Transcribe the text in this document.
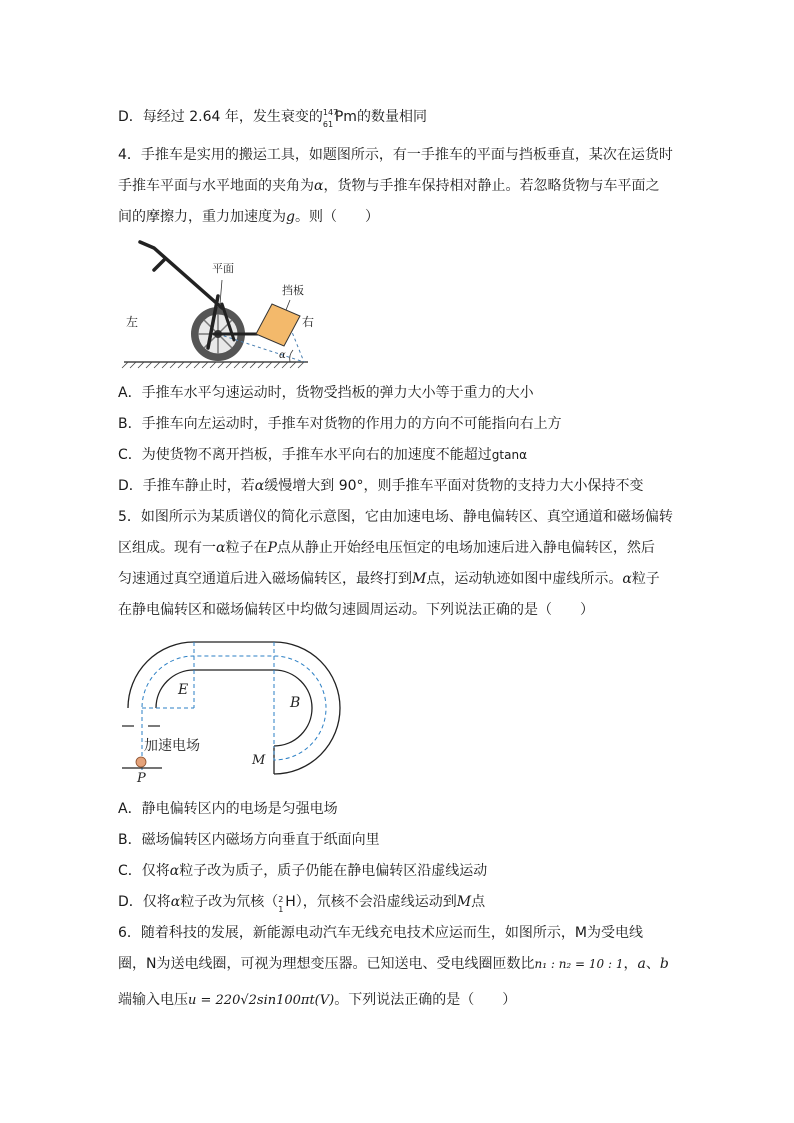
D．每经过 2.64 年，发生衰变的 147
61 Pm的数量相同
4．手推车是实用的搬运工具，如题图所示，有一手推车的平面与挡板垂直，某次在运货时
手推车平面与水平地面的夹角为α，货物与手推车保持相对静止。若忽略货物与车平面之
间的摩擦力，重力加速度为g。则（　　）
平面
挡板
左	右
α
A．手推车水平匀速运动时，货物受挡板的弹力大小等于重力的大小
B．手推车向左运动时，手推车对货物的作用力的方向不可能指向右上方
C．为使货物不离开挡板，手推车水平向右的加速度不能超过gtanα
D．手推车静止时，若α缓慢增大到 90°，则手推车平面对货物的支持力大小保持不变
5．如图所示为某质谱仪的简化示意图，它由加速电场、静电偏转区、真空通道和磁场偏转
区组成。现有一α粒子在P点从静止开始经电压恒定的电场加速后进入静电偏转区，然后
匀速通过真空通道后进入磁场偏转区，最终打到M点，运动轨迹如图中虚线所示。α粒子
在静电偏转区和磁场偏转区中均做匀速圆周运动。下列说法正确的是（　　）
E
B
M
P
加速电场
A．静电偏转区内的电场是匀强电场
B．磁场偏转区内磁场方向垂直于纸面向里
C．仅将α粒子改为质子，质子仍能在静电偏转区沿虚线运动
D．仅将α粒子改为氘核（ 2
1 H），氘核不会沿虚线运动到M点
6．随着科技的发展，新能源电动汽车无线充电技术应运而生，如图所示，M为受电线
圈，N为送电线圈，可视为理想变压器。已知送电、受电线圈匝数比n₁ : n₂ = 10 : 1，a、b
端输入电压u = 220√2sin100πt(V)。下列说法正确的是（　　）
